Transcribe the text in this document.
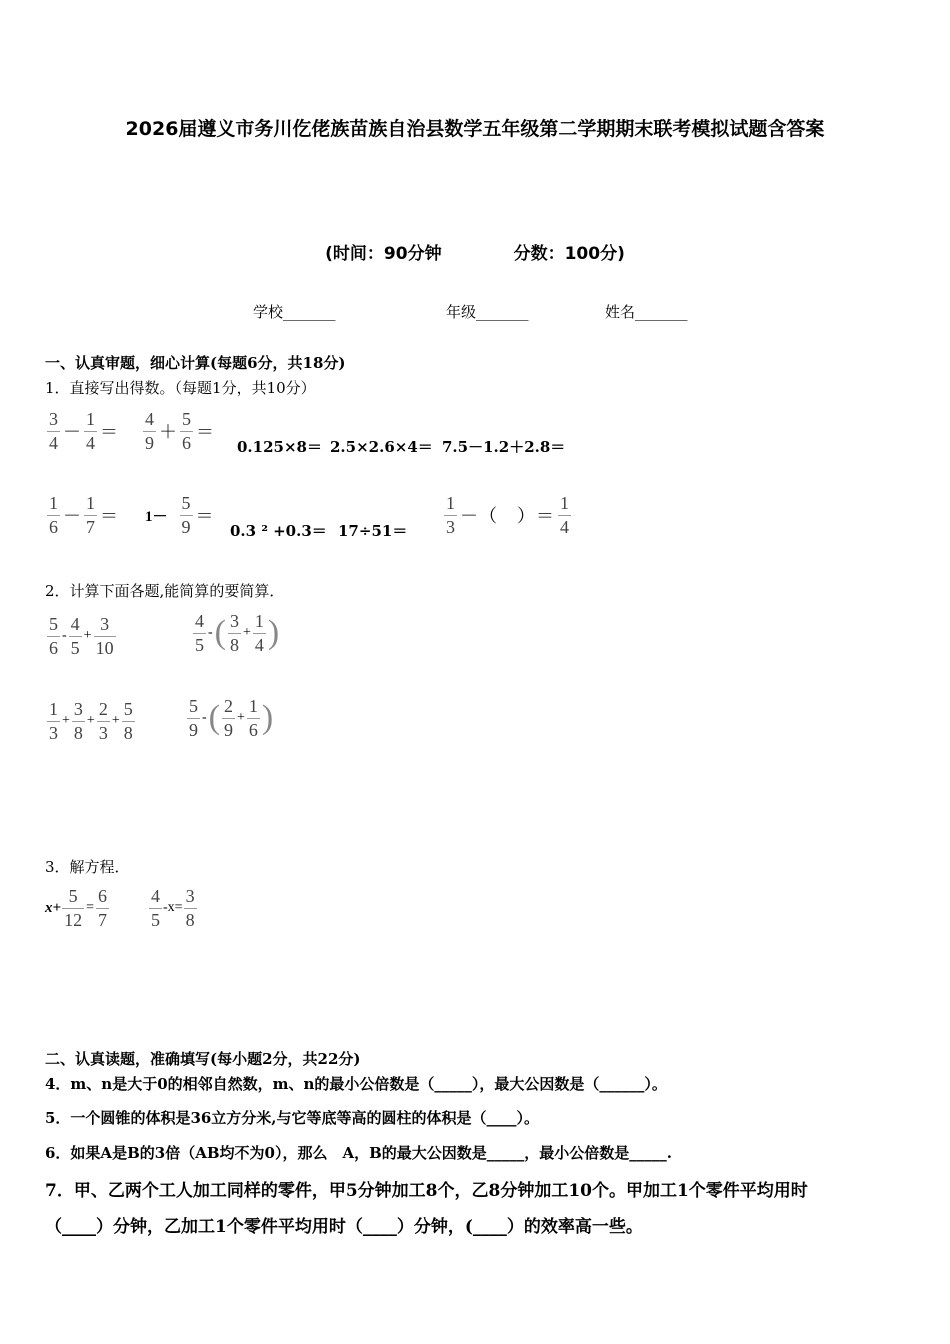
2026届遵义市务川仡佬族苗族自治县数学五年级第二学期期末联考模拟试题含答案
(时间：90分钟	分数：100分)
学校_______	年级_______	姓名_______
一、认真审题，细心计算(每题6分，共18分)
1．直接写出得数。（每题1分，共10分）
$\frac{3}{4} - \frac{1}{4} = \frac{4}{9} + \frac{5}{6}$ ＝
0.125×8＝ 2.5×2.6×4＝ 7.5－1.2＋2.8＝
$\frac{1}{6} - \frac{1}{7} = 1- \frac{5}{9}$ ＝
0.3 $^2 +0.3= 17\div 51= \frac{1}{3}$ －（　）＝ $\frac{1}{4}$
2．计算下面各题,能简算的要简算．
$\frac{5}{6} - \frac{4}{5} + \frac{3}{10}$	$\frac{4}{5}$ - ( $\frac{3}{8} + \frac{1}{4}$ )
$\frac{1}{3} + \frac{3}{8} + \frac{2}{3} + \frac{5}{8}$	$\frac{5}{9}$ - ( $\frac{2}{9} + \frac{1}{6}$ )
3．解方程．
$x+ \frac{5}{12} = \frac{6}{7} \frac{4}{5} -x= \frac{3}{8}$
二、认真读题，准确填写(每小题2分，共22分)
4．m、n是大于0的相邻自然数，m、n的最小公倍数是（_____），最大公因数是（______）。
5．一个圆锥的体积是36立方分米,与它等底等高的圆柱的体积是（____）。
6．如果A是B的3倍（AB均不为0），那么　A，B的最大公因数是_____，最小公倍数是_____.
7．甲、乙两个工人加工同样的零件，甲5分钟加工8个，乙8分钟加工10个。甲加工1个零件平均用时
（____）分钟，乙加工1个零件平均用时（____）分钟，(____）的效率高一些。
